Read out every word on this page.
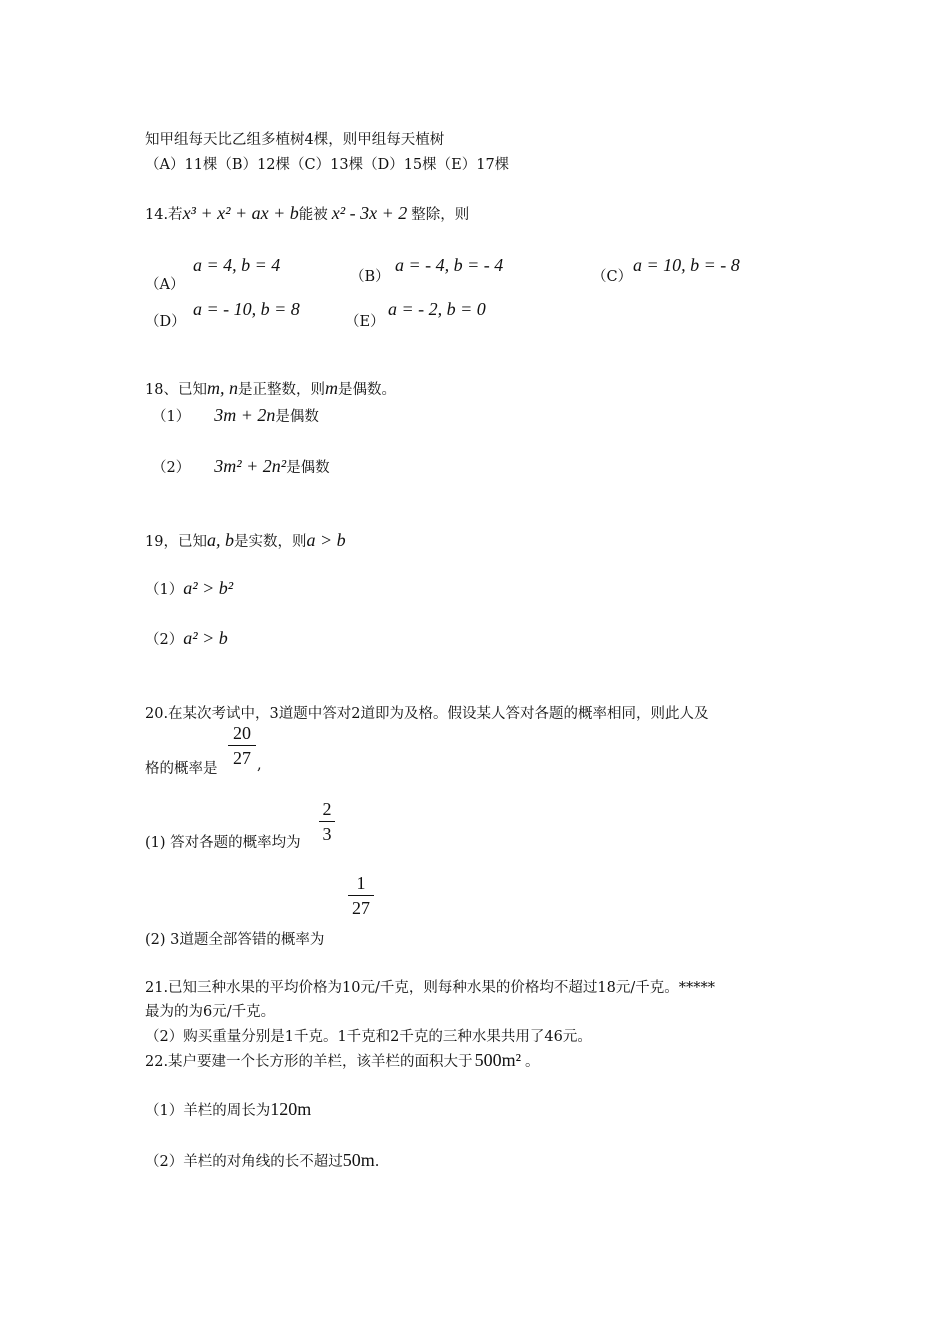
知甲组每天比乙组多植树4棵，则甲组每天植树
（A）11棵（B）12棵（C）13棵（D）15棵（E）17棵
14.若x³ + x² + ax + b能被 x² - 3x + 2 整除，则
（A）
a = 4, b = 4
（B）
a = - 4, b = - 4
（C）
a = 10, b = - 8
（D）
a = - 10, b = 8
（E）
a = - 2, b = 0
18、已知m, n是正整数，则m是偶数。
（1） 3m + 2n是偶数
（2） 3m² + 2n²是偶数
19，已知a, b是实数，则a > b
（1）a² > b²
（2）a² > b
20.在某次考试中，3道题中答对2道即为及格。假设某人答对各题的概率相同，则此人及
20
27
格的概率是	,
2
3
(1) 答对各题的概率均为
1
27
(2) 3道题全部答错的概率为
21.已知三种水果的平均价格为10元/千克，则每种水果的价格均不超过18元/千克。*****
最为的为6元/千克。
（2）购买重量分别是1千克。1千克和2千克的三种水果共用了46元。
22.某户要建一个长方形的羊栏，该羊栏的面积大于 500m² 。
（1）羊栏的周长为120m
（2）羊栏的对角线的长不超过50m.
